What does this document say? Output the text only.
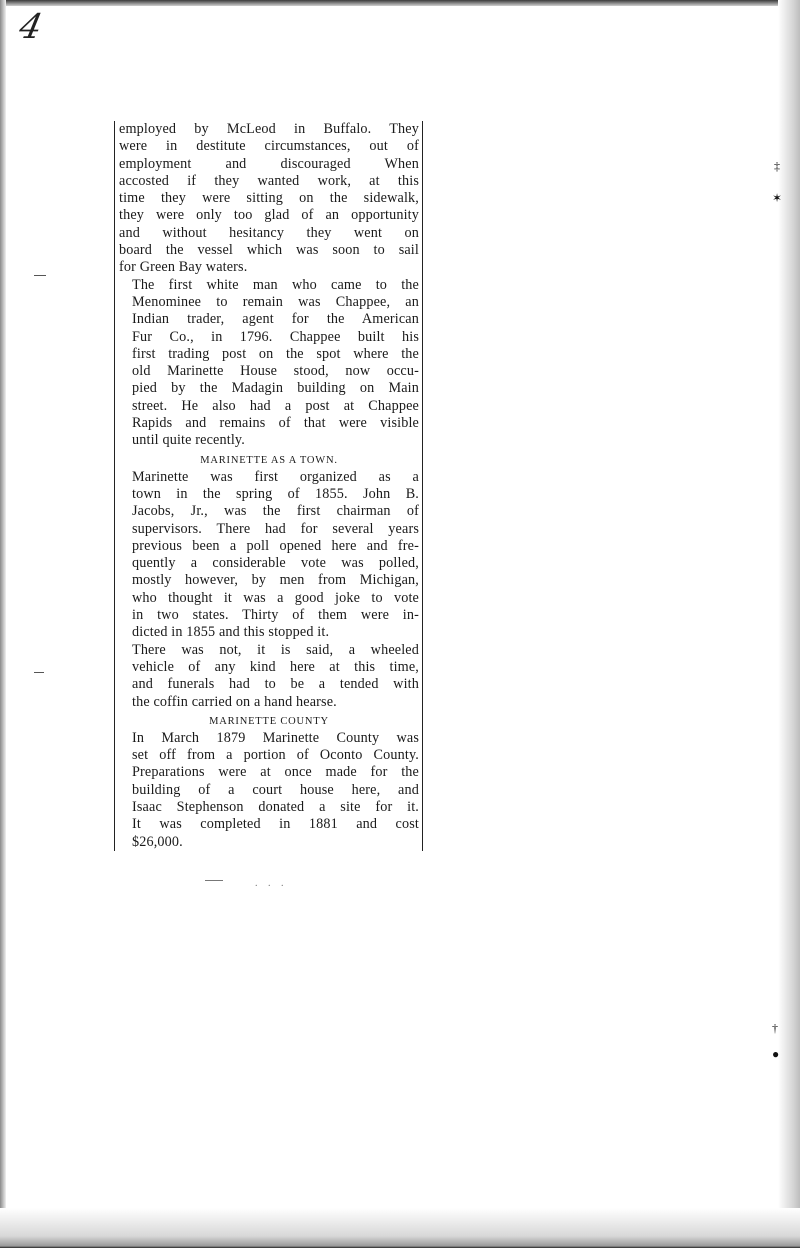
4
‡
✶
†
●

employed by McLeod in Buffalo. They
were in destitute circumstances, out of
employment and discouraged When
accosted if they wanted work, at this
time they were sitting on the sidewalk,
they were only too glad of an opportunity
and without hesitancy they went on
board the vessel which was soon to sail
for Green Bay waters.

The first white man who came to the
Menominee to remain was Chappee, an
Indian trader, agent for the American
Fur Co., in 1796. Chappee built his
first trading post on the spot where the
old Marinette House stood, now occu-
pied by the Madagin building on Main
street. He also had a post at Chappee
Rapids and remains of that were visible
until quite recently.

MARINETTE AS A TOWN.

Marinette was first organized as a
town in the spring of 1855. John B.
Jacobs, Jr., was the first chairman of
supervisors. There had for several years
previous been a poll opened here and fre-
quently a considerable vote was polled,
mostly however, by men from Michigan,
who thought it was a good joke to vote
in two states. Thirty of them were in-
dicted in 1855 and this stopped it.

There was not, it is said, a wheeled
vehicle of any kind here at this time,
and funerals had to be a tended with
the coffin carried on a hand hearse.

MARINETTE COUNTY

In March 1879 Marinette County was
set off from a portion of Oconto County.
Preparations were at once made for the
building of a court house here, and
Isaac Stephenson donated a site for it.
It was completed in 1881 and cost
$26,000.

. . .
